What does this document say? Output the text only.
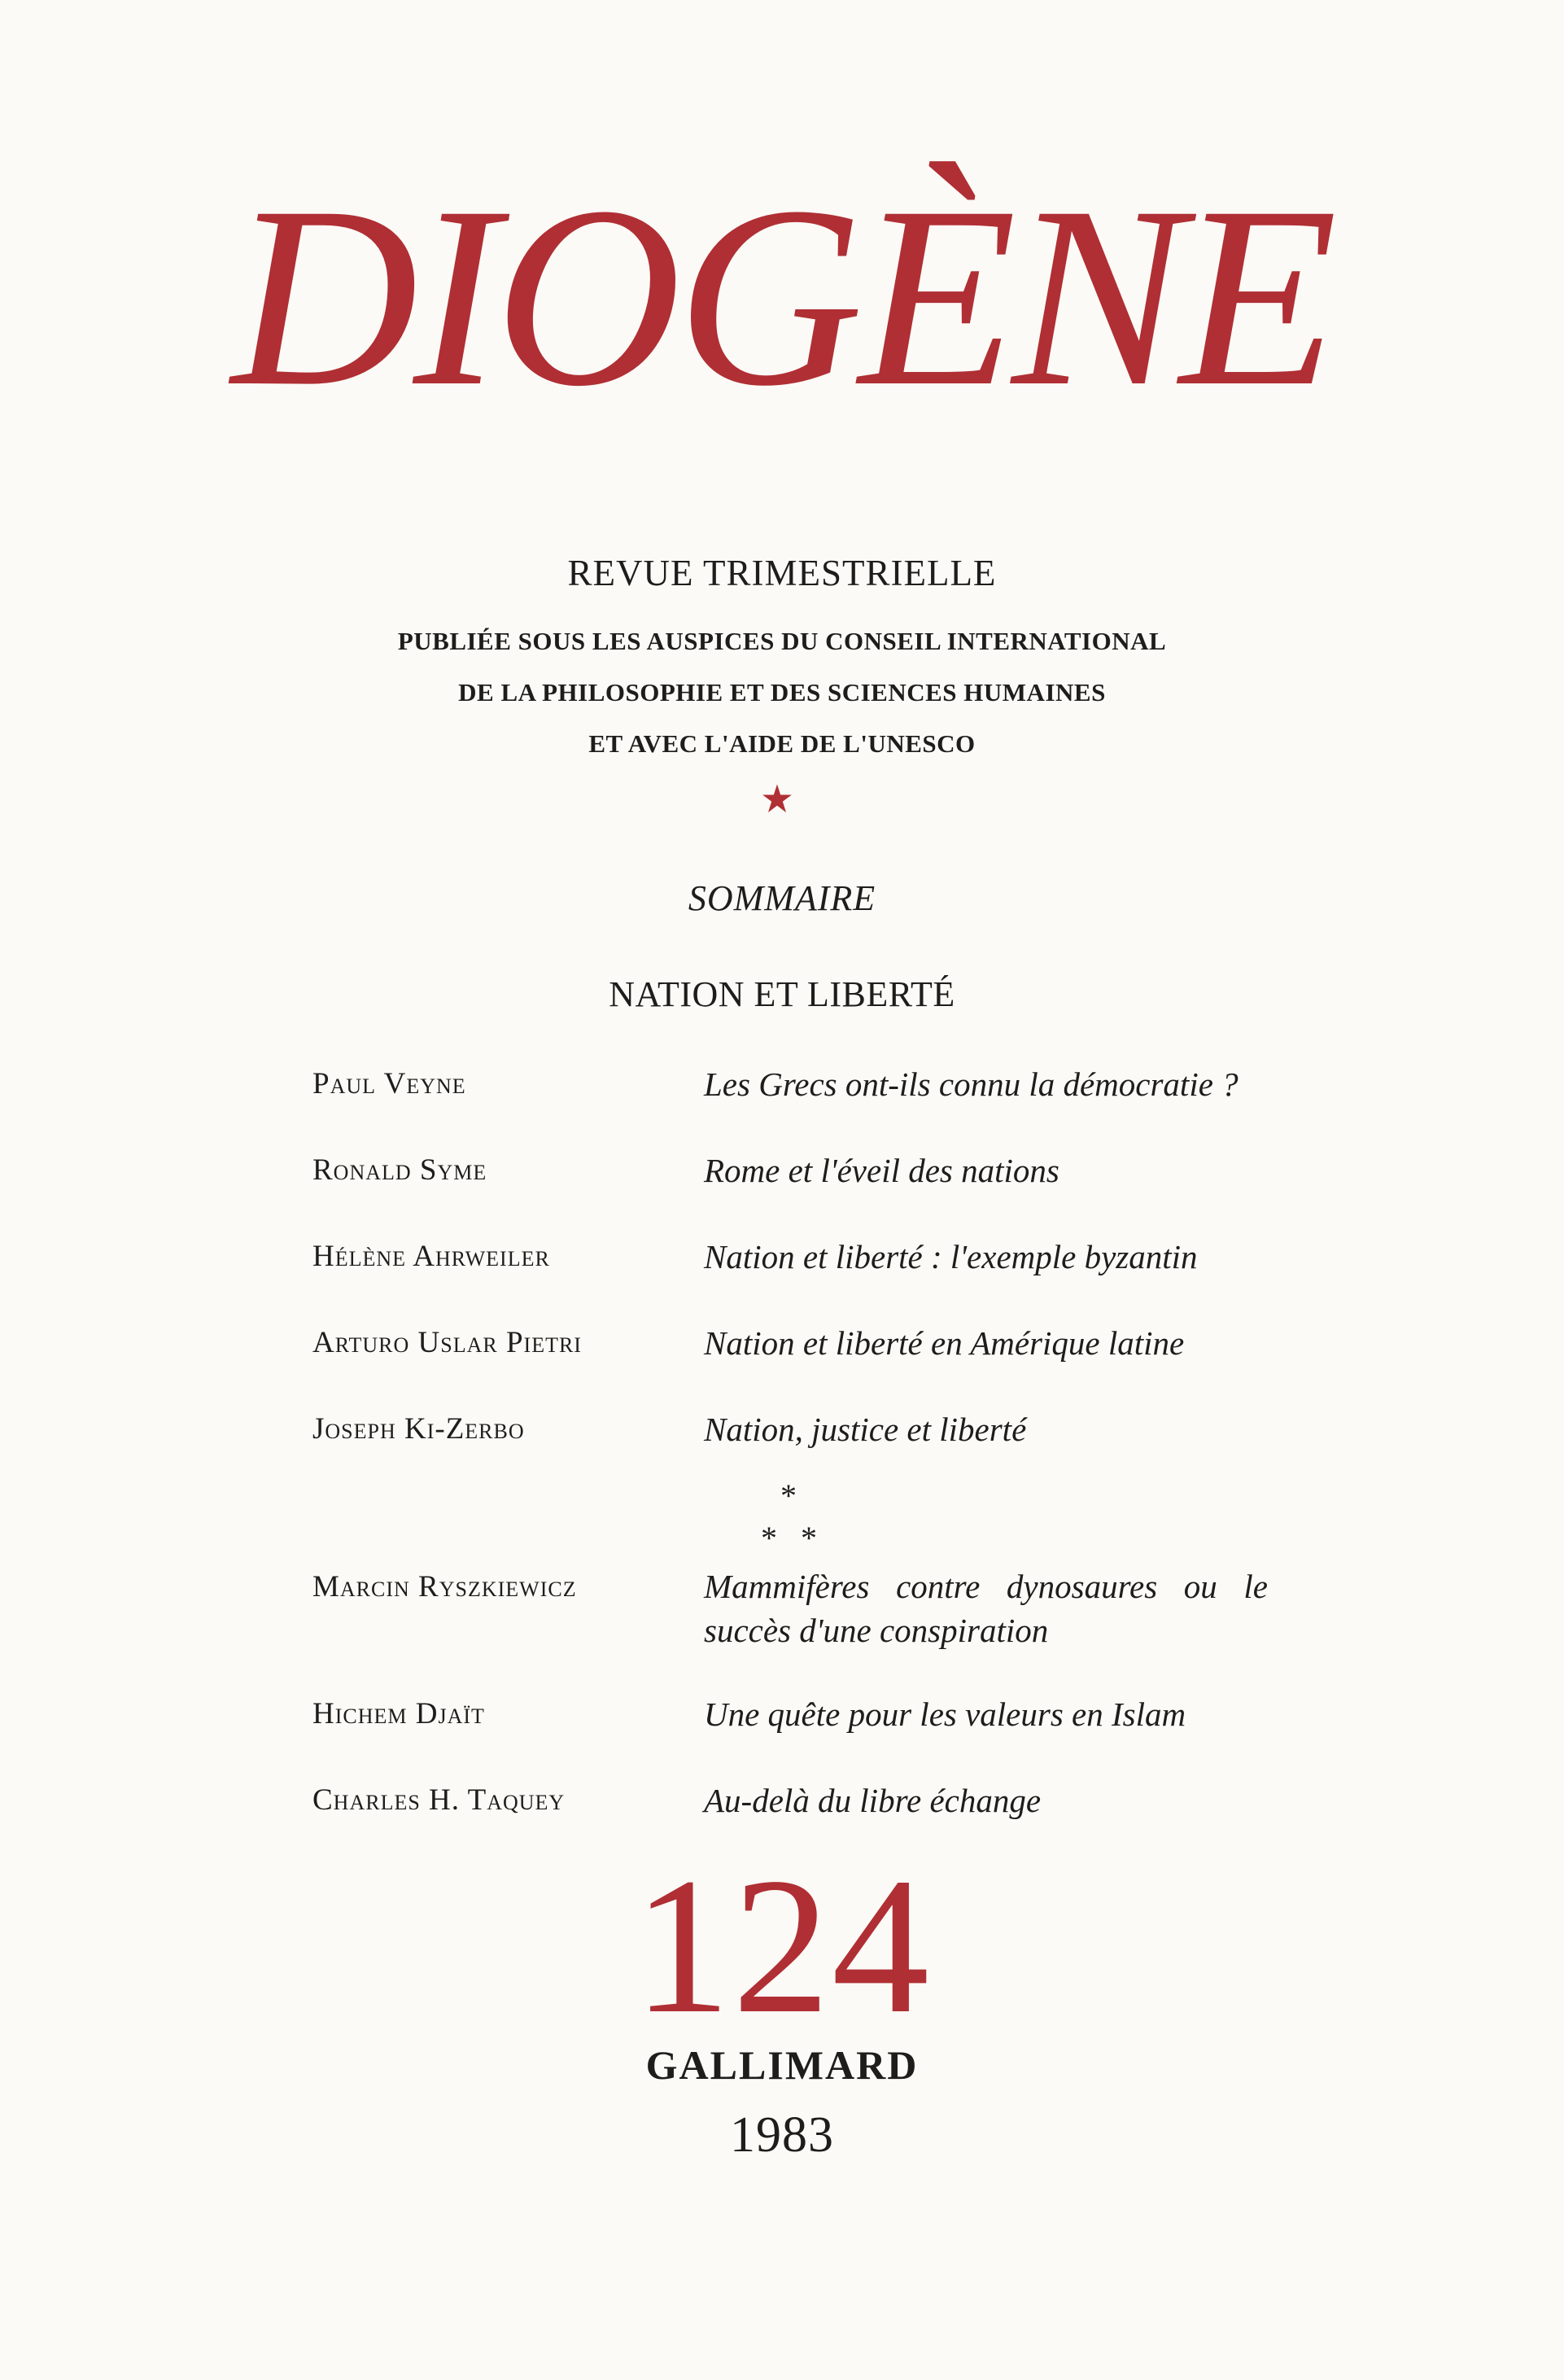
DIOGÈNE
REVUE TRIMESTRIELLE
PUBLIÉE SOUS LES AUSPICES DU CONSEIL INTERNATIONAL
DE LA PHILOSOPHIE ET DES SCIENCES HUMAINES
ET AVEC L'AIDE DE L'UNESCO
SOMMAIRE
NATION ET LIBERTÉ
Paul Veyne	Les Grecs ont-ils connu la démocratie ?
Ronald Syme	Rome et l'éveil des nations
Hélène Ahrweiler	Nation et liberté : l'exemple byzantin
Arturo Uslar Pietri	Nation et liberté en Amérique latine
Joseph Ki-Zerbo	Nation, justice et liberté
*
* *
Marcin Ryszkiewicz	Mammifères contre dynosaures ou le succès d'une conspiration
Hichem Djaït	Une quête pour les valeurs en Islam
Charles H. Taquey	Au-delà du libre échange
124
GALLIMARD
1983
